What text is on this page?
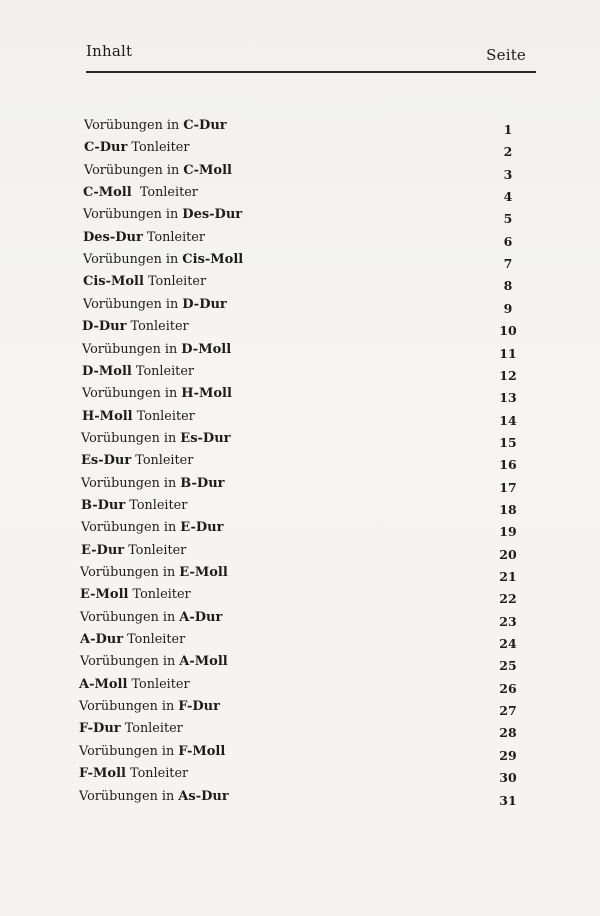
Inhalt	Seite
Vorübungen in C-Dur	1
C-Dur Tonleiter	2
Vorübungen in C-Moll	3
C-Moll  Tonleiter	4
Vorübungen in Des-Dur	5
Des-Dur Tonleiter	6
Vorübungen in Cis-Moll	7
Cis-Moll Tonleiter	8
Vorübungen in D-Dur	9
D-Dur Tonleiter	10
Vorübungen in D-Moll	11
D-Moll Tonleiter	12
Vorübungen in H-Moll	13
H-Moll Tonleiter	14
Vorübungen in Es-Dur	15
Es-Dur Tonleiter	16
Vorübungen in B-Dur	17
B-Dur Tonleiter	18
Vorübungen in E-Dur	19
E-Dur Tonleiter	20
Vorübungen in E-Moll	21
E-Moll Tonleiter	22
Vorübungen in A-Dur	23
A-Dur Tonleiter	24
Vorübungen in A-Moll	25
A-Moll Tonleiter	26
Vorübungen in F-Dur	27
F-Dur Tonleiter	28
Vorübungen in F-Moll	29
F-Moll Tonleiter	30
Vorübungen in As-Dur	31
